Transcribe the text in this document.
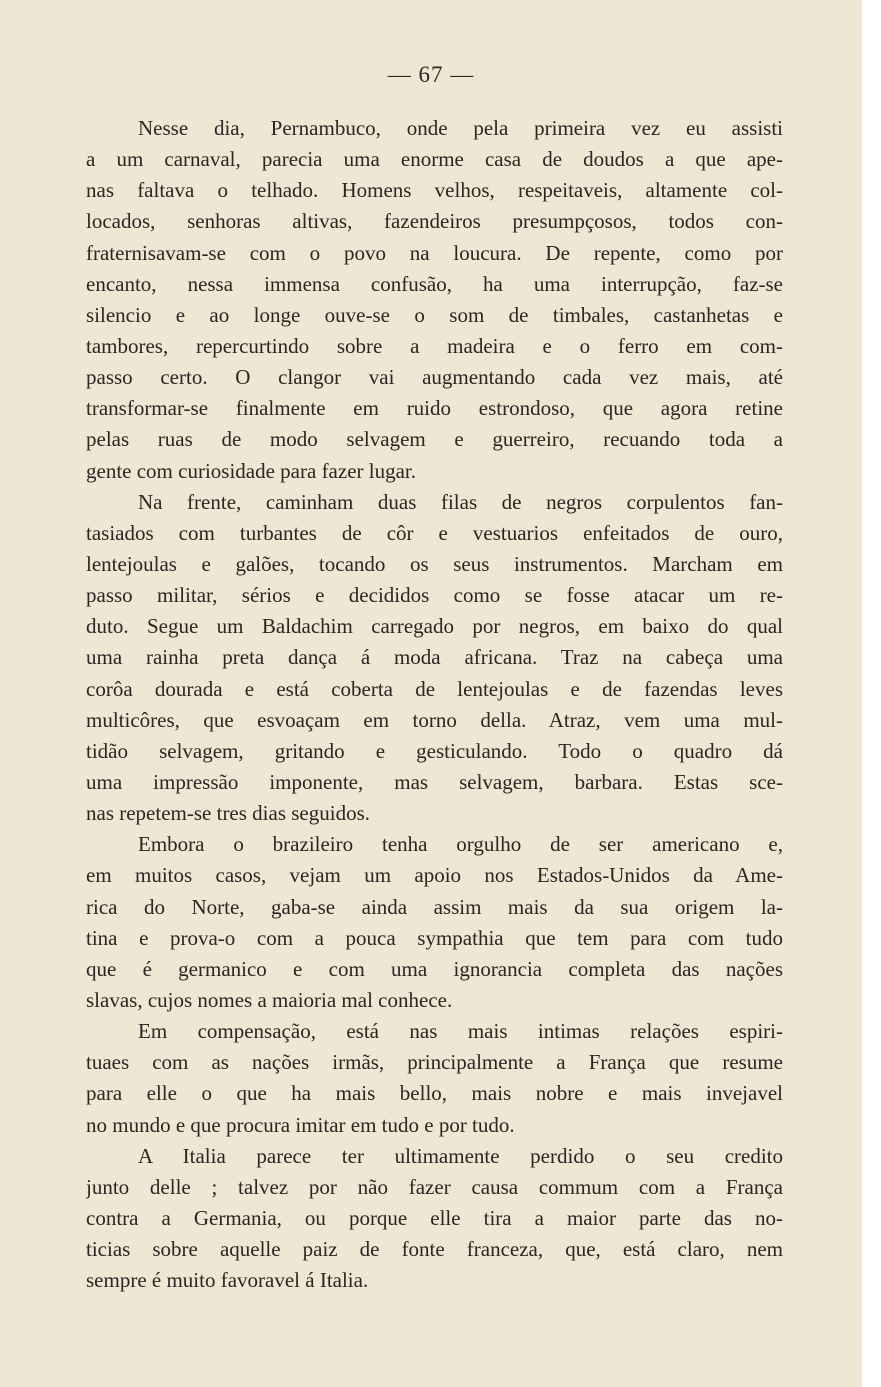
— 67 —
Nesse dia, Pernambuco, onde pela primeira vez eu assisti
a um carnaval, parecia uma enorme casa de doudos a que ape-
nas faltava o telhado. Homens velhos, respeitaveis, altamente col-
locados, senhoras altivas, fazendeiros presumpçosos, todos con-
fraternisavam-se com o povo na loucura. De repente, como por
encanto, nessa immensa confusão, ha uma interrupção, faz-se
silencio e ao longe ouve-se o som de timbales, castanhetas e
tambores, repercurtindo sobre a madeira e o ferro em com-
passo certo. O clangor vai augmentando cada vez mais, até
transformar-se finalmente em ruido estrondoso, que agora retine
pelas ruas de modo selvagem e guerreiro, recuando toda a
gente com curiosidade para fazer lugar.
Na frente, caminham duas filas de negros corpulentos fan-
tasiados com turbantes de côr e vestuarios enfeitados de ouro,
lentejoulas e galões, tocando os seus instrumentos. Marcham em
passo militar, sérios e decididos como se fosse atacar um re-
duto. Segue um Baldachim carregado por negros, em baixo do qual
uma rainha preta dança á moda africana. Traz na cabeça uma
corôa dourada e está coberta de lentejoulas e de fazendas leves
multicôres, que esvoaçam em torno della. Atraz, vem uma mul-
tidão selvagem, gritando e gesticulando. Todo o quadro dá
uma impressão imponente, mas selvagem, barbara. Estas sce-
nas repetem-se tres dias seguidos.
Embora o brazileiro tenha orgulho de ser americano e,
em muitos casos, vejam um apoio nos Estados-Unidos da Ame-
rica do Norte, gaba-se ainda assim mais da sua origem la-
tina e prova-o com a pouca sympathia que tem para com tudo
que é germanico e com uma ignorancia completa das nações
slavas, cujos nomes a maioria mal conhece.
Em compensação, está nas mais intimas relações espiri-
tuaes com as nações irmãs, principalmente a França que resume
para elle o que ha mais bello, mais nobre e mais invejavel
no mundo e que procura imitar em tudo e por tudo.
A Italia parece ter ultimamente perdido o seu credito
junto delle ; talvez por não fazer causa commum com a França
contra a Germania, ou porque elle tira a maior parte das no-
ticias sobre aquelle paiz de fonte franceza, que, está claro, nem
sempre é muito favoravel á Italia.
